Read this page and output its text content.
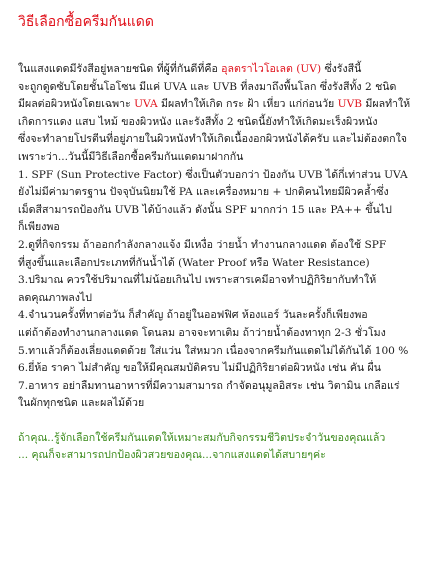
วิธีเลือกซื้อครีมกันแดด

ในแสงแดดมีรังสีอยู่หลายชนิด ที่ผู้ที่กันดีที่คือ อุลตราไวโอเลต (UV) ซึ่งรังสีนี้

จะถูกดูดซับโดยชั้นโอโซน มีแค่ UVA และ UVB ที่ลงมาถึงพื้นโลก ซึ่งรังสีทั้ง 2 ชนิด

มีผลต่อผิวหนังโดยเฉพาะ UVA มีผลทำให้เกิด กระ ฝ้า เหี่ยว แก่ก่อนวัย UVB มีผลทำให้

เกิดการแดง แสบ ไหม้ ของผิวหนัง และรังสีทั้ง 2 ชนิดนี้ยังทำให้เกิดมะเร็งผิวหนัง

ซึ่งจะทำลายโปรตีนที่อยู่ภายในผิวหนังทำให้เกิดเนื้องอกผิวหนังได้ครับ และไม่ต้องตกใจ

เพราะว่า...วันนี้มีวิธีเลือกซื้อครีมกันแดดมาฝากกัน

1. SPF (Sun Protective Factor) ซึ่งเป็นตัวบอกว่า ป้องกัน UVB ได้กี่เท่าส่วน UVA

ยังไม่มีค่ามาตรฐาน ปัจจุบันนิยมใช้ PA และเครื่องหมาย + ปกติคนไทยมีผิวคล้ำซึ่ง

เม็ดสีสามารถป้องกัน UVB ได้บ้างแล้ว ดังนั้น SPF มากกว่า 15 และ PA++ ขึ้นไป

ก็เพียงพอ

2.ดูที่กิจกรรม ถ้าออกกำลังกลางแจ้ง มีเหงื่อ ว่ายน้ำ ทำงานกลางแดด ต้องใช้ SPF

ที่สูงขึ้นและเลือกประเภทที่กันน้ำได้ (Water Proof หรือ Water Resistance)

3.ปริมาณ ควรใช้ปริมาณที่ไม่น้อยเกินไป เพราะสารเคมีอาจทำปฏิกิริยากับทำให้

ลดคุณภาพลงไป

4.จำนวนครั้งที่ทาต่อวัน ก็สำคัญ ถ้าอยู่ในออฟฟิศ ห้องแอร์ วันละครั้งก็เพียงพอ

แต่ถ้าต้องทำงานกลางแดด โดนลม อาจจะทาเติม ถ้าว่ายน้ำต้องทาทุก 2-3 ชั่วโมง

5.ทาแล้วก็ต้องเลี่ยงแดดด้วย ใส่แว่น ใส่หมวก เนื่องจากครีมกันแดดไม่ได้กันได้ 100 %

6.ยี่ห้อ ราคา ไม่สำคัญ ขอให้มีคุณสมบัติครบ ไม่มีปฏิกิริยาต่อผิวหนัง เช่น คัน ผื่น

7.อาหาร อย่าลืมทานอาหารที่มีความสามารถ กำจัดอนุมูลอิสระ เช่น วิตามิน เกลือแร่

ในผักทุกชนิด และผลไม้ด้วย

ถ้าคุณ..รู้จักเลือกใช้ครีมกันแดดให้เหมาะสมกับกิจกรรมชีวิตประจำวันของคุณแล้ว

... คุณก็จะสามารถปกป้องผิวสวยของคุณ...จากแสงแดดได้สบายๆค่ะ
